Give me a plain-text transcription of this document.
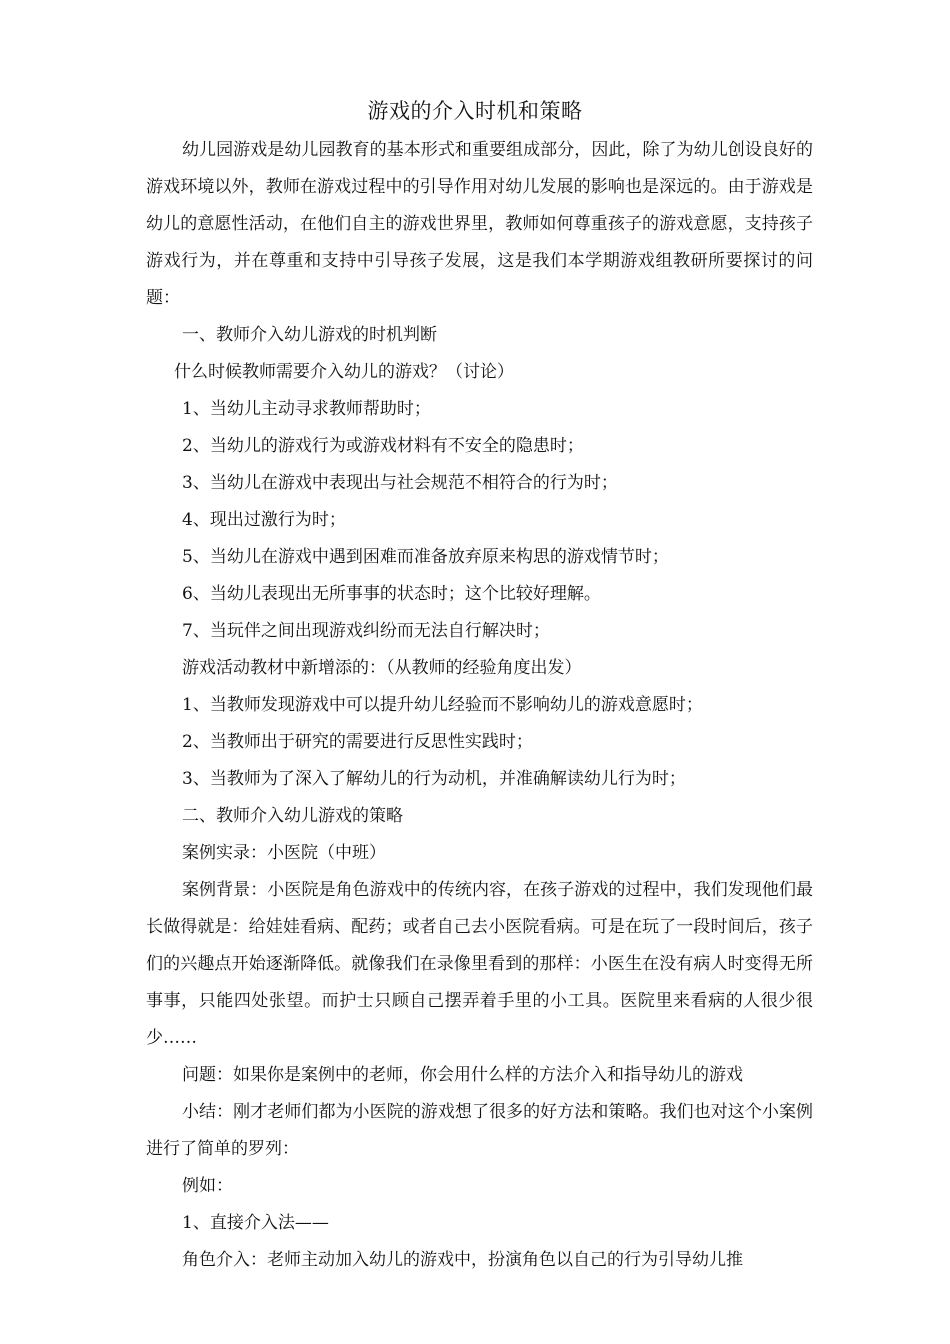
游戏的介入时机和策略

幼儿园游戏是幼儿园教育的基本形式和重要组成部分，因此，除了为幼儿创设良好的游戏环境以外，教师在游戏过程中的引导作用对幼儿发展的影响也是深远的。由于游戏是幼儿的意愿性活动，在他们自主的游戏世界里，教师如何尊重孩子的游戏意愿，支持孩子游戏行为，并在尊重和支持中引导孩子发展，这是我们本学期游戏组教研所要探讨的问题：

一、教师介入幼儿游戏的时机判断

什么时候教师需要介入幼儿的游戏？（讨论）

1、当幼儿主动寻求教师帮助时；

2、当幼儿的游戏行为或游戏材料有不安全的隐患时；

3、当幼儿在游戏中表现出与社会规范不相符合的行为时；

4、现出过激行为时；

5、当幼儿在游戏中遇到困难而准备放弃原来构思的游戏情节时；

6、当幼儿表现出无所事事的状态时；这个比较好理解。

7、当玩伴之间出现游戏纠纷而无法自行解决时；

游戏活动教材中新增添的：（从教师的经验角度出发）

1、当教师发现游戏中可以提升幼儿经验而不影响幼儿的游戏意愿时；

2、当教师出于研究的需要进行反思性实践时；

3、当教师为了深入了解幼儿的行为动机，并准确解读幼儿行为时；

二、教师介入幼儿游戏的策略

案例实录：小医院（中班）

案例背景：小医院是角色游戏中的传统内容，在孩子游戏的过程中，我们发现他们最长做得就是：给娃娃看病、配药；或者自己去小医院看病。可是在玩了一段时间后，孩子们的兴趣点开始逐渐降低。就像我们在录像里看到的那样：小医生在没有病人时变得无所事事，只能四处张望。而护士只顾自己摆弄着手里的小工具。医院里来看病的人很少很少……

问题：如果你是案例中的老师，你会用什么样的方法介入和指导幼儿的游戏

小结：刚才老师们都为小医院的游戏想了很多的好方法和策略。我们也对这个小案例进行了简单的罗列：

例如：

1、直接介入法——

角色介入：老师主动加入幼儿的游戏中，扮演角色以自己的行为引导幼儿推
